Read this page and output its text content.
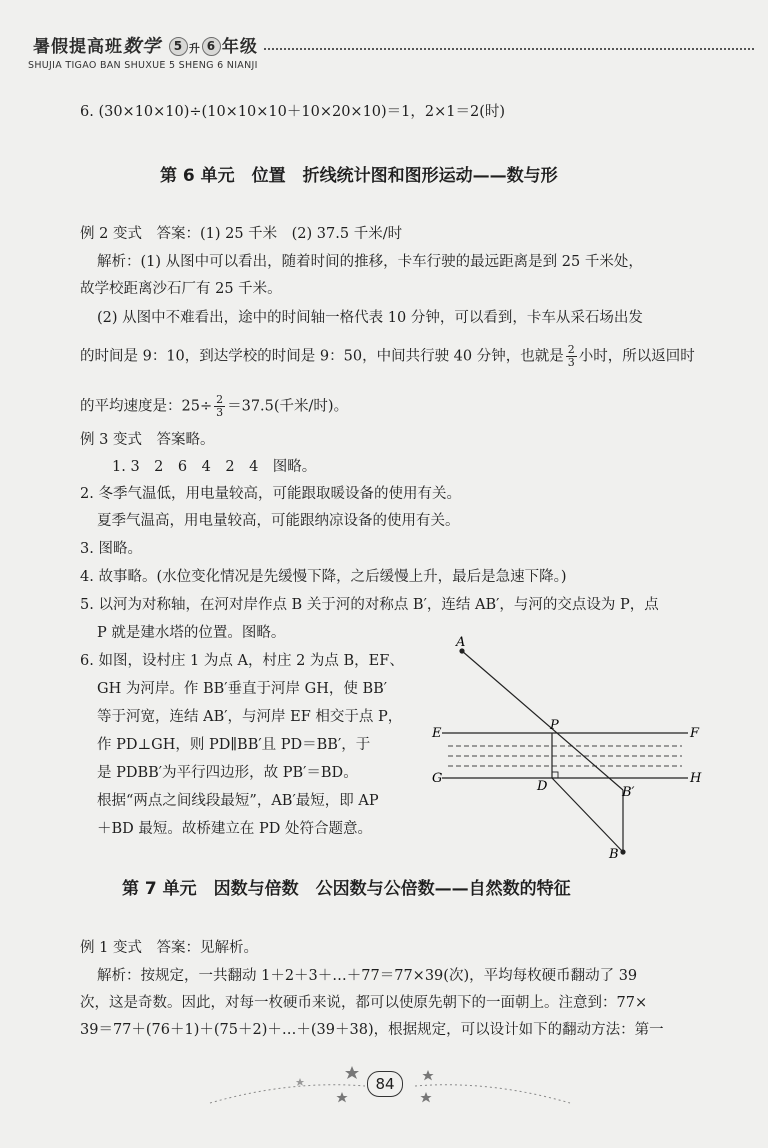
暑假提高班数学 5 升 6 年级
SHUJIA TIGAO BAN SHUXUE 5 SHENG 6 NIANJI
6. (30×10×10)÷(10×10×10＋10×20×10)＝1，2×1＝2(时)
第 6 单元　位置　折线统计图和图形运动——数与形
例 2 变式　答案：(1) 25 千米　(2) 37.5 千米/时
解析：(1) 从图中可以看出，随着时间的推移，卡车行驶的最远距离是到 25 千米处，
故学校距离沙石厂有 25 千米。
(2) 从图中不难看出，途中的时间轴一格代表 10 分钟，可以看到，卡车从采石场出发
的时间是 9：10，到达学校的时间是 9：50，中间共行驶 40 分钟，也就是 $\frac{2}{3}$ 小时，所以返回时
的平均速度是：$25\div \frac{2}{3} =37.5$(千米/时)。
例 3 变式　答案略。
1. 3　2　6　4　2　4　图略。
2. 冬季气温低，用电量较高，可能跟取暖设备的使用有关。
夏季气温高，用电量较高，可能跟纳凉设备的使用有关。
3. 图略。
4. 故事略。(水位变化情况是先缓慢下降，之后缓慢上升，最后是急速下降。)
5. 以河为对称轴，在河对岸作点 B 关于河的对称点 B′，连结 AB′，与河的交点设为 P，点
P 就是建水塔的位置。图略。
6. 如图，设村庄 1 为点 A，村庄 2 为点 B，EF、
GH 为河岸。作 BB′垂直于河岸 GH，使 BB′
等于河宽，连结 AB′，与河岸 EF 相交于点 P，
作 PD⊥GH，则 PD∥BB′且 PD＝BB′，于
是 PDBB′为平行四边形，故 PB′＝BD。
根据“两点之间线段最短”，AB′最短，即 AP
＋BD 最短。故桥建立在 PD 处符合题意。
A
P
E	F
G	H
D	B′
B
第 7 单元　因数与倍数　公因数与公倍数——自然数的特征
例 1 变式　答案：见解析。
解析：按规定，一共翻动 1＋2＋3＋…＋77＝77×39(次)，平均每枚硬币翻动了 39
次，这是奇数。因此，对每一枚硬币来说，都可以使原先朝下的一面朝上。注意到：77×
39＝77＋(76＋1)＋(75＋2)＋…＋(39＋38)，根据规定，可以设计如下的翻动方法：第一
84
